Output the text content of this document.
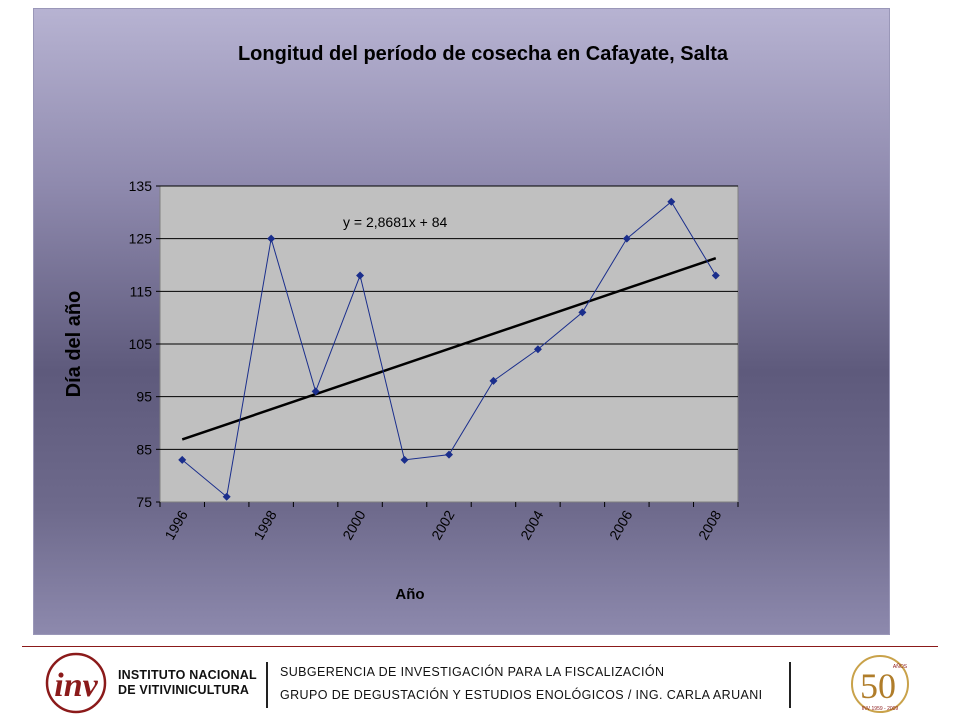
Longitud del período de cosecha en Cafayate, Salta
75
85
95
105
115
125
135
1996	1998	2000	2002	2004	2006	2008
y = 2,8681x + 84
Día del año
Año
inv INSTITUTO NACIONAL
DE VITIVINICULTURA
SUBGERENCIA DE INVESTIGACIÓN PARA LA FISCALIZACIÓN
GRUPO DE DEGUSTACIÓN Y ESTUDIOS ENOLÓGICOS / ING. CARLA ARUANI	50
AÑOS
INV 1959 - 2009
